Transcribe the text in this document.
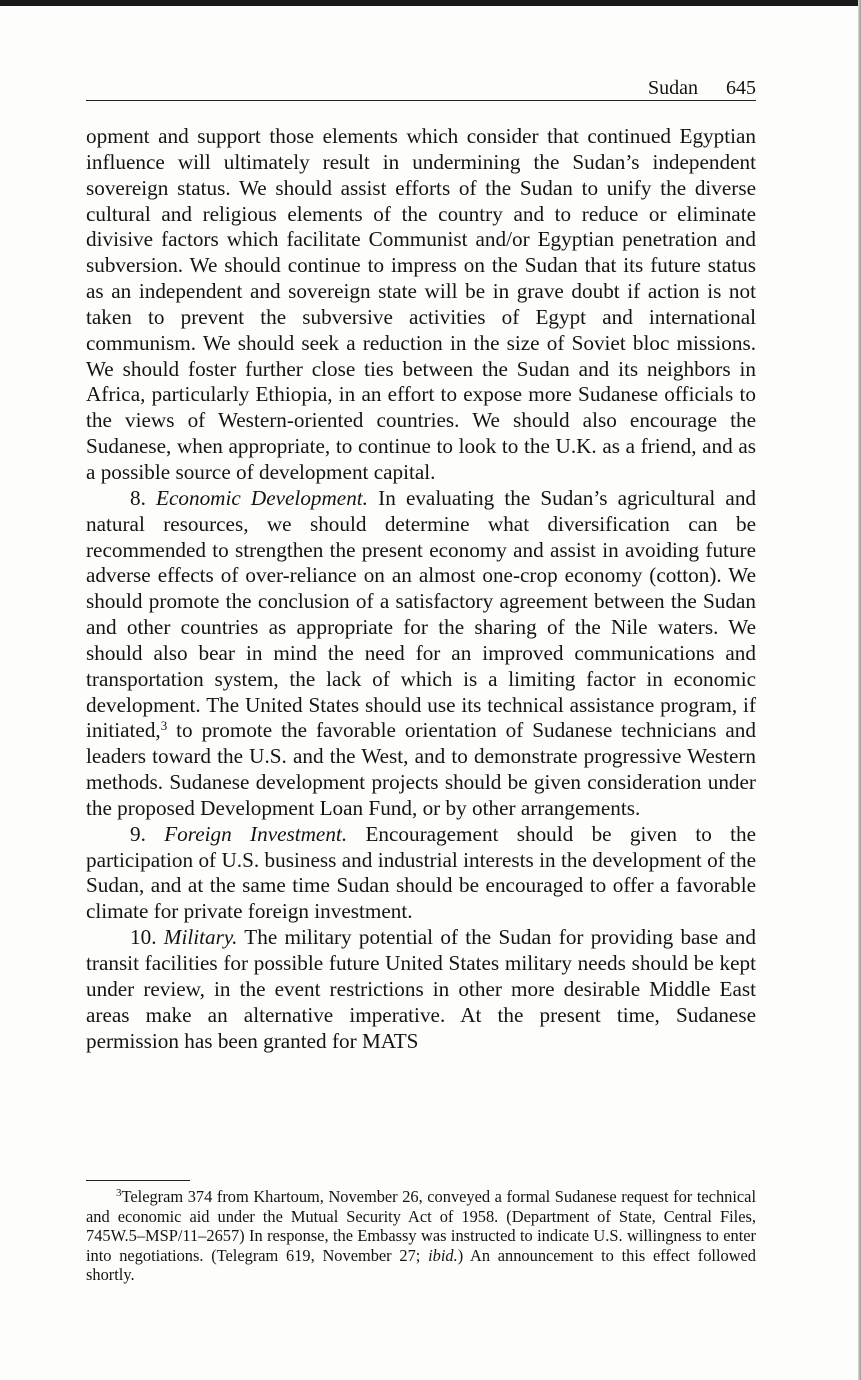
Sudan 645

opment and support those elements which consider that continued Egyptian influence will ultimately result in undermining the Sudan’s independent sovereign status. We should assist efforts of the Sudan to unify the diverse cultural and religious elements of the country and to reduce or eliminate divisive factors which facilitate Communist and/or Egyptian penetration and subversion. We should continue to impress on the Sudan that its future status as an independent and sovereign state will be in grave doubt if action is not taken to prevent the subversive activities of Egypt and international communism. We should seek a reduction in the size of Soviet bloc missions. We should foster further close ties between the Sudan and its neighbors in Africa, particularly Ethiopia, in an effort to expose more Sudanese officials to the views of Western-oriented countries. We should also encourage the Sudanese, when appropriate, to continue to look to the U.K. as a friend, and as a possible source of development capital.

8. Economic Development. In evaluating the Sudan’s agricultural and natural resources, we should determine what diversification can be recommended to strengthen the present economy and assist in avoiding future adverse effects of over-reliance on an almost one-crop economy (cotton). We should promote the conclusion of a satisfactory agreement between the Sudan and other countries as appropriate for the sharing of the Nile waters. We should also bear in mind the need for an improved communications and transportation system, the lack of which is a limiting factor in economic development. The United States should use its technical assistance program, if initiated,$^3$ to promote the favorable orientation of Sudanese technicians and leaders toward the U.S. and the West, and to demonstrate progressive Western methods. Sudanese development projects should be given consideration under the proposed Development Loan Fund, or by other arrangements.

9. Foreign Investment. Encouragement should be given to the participation of U.S. business and industrial interests in the development of the Sudan, and at the same time Sudan should be encouraged to offer a favorable climate for private foreign investment.

10. Military. The military potential of the Sudan for providing base and transit facilities for possible future United States military needs should be kept under review, in the event restrictions in other more desirable Middle East areas make an alternative imperative. At the present time, Sudanese permission has been granted for MATS

$^3$Telegram 374 from Khartoum, November 26, conveyed a formal Sudanese request for technical and economic aid under the Mutual Security Act of 1958. (Department of State, Central Files, 745W.5–MSP/11–2657) In response, the Embassy was instructed to indicate U.S. willingness to enter into negotiations. (Telegram 619, November 27; ibid.) An announcement to this effect followed shortly.
